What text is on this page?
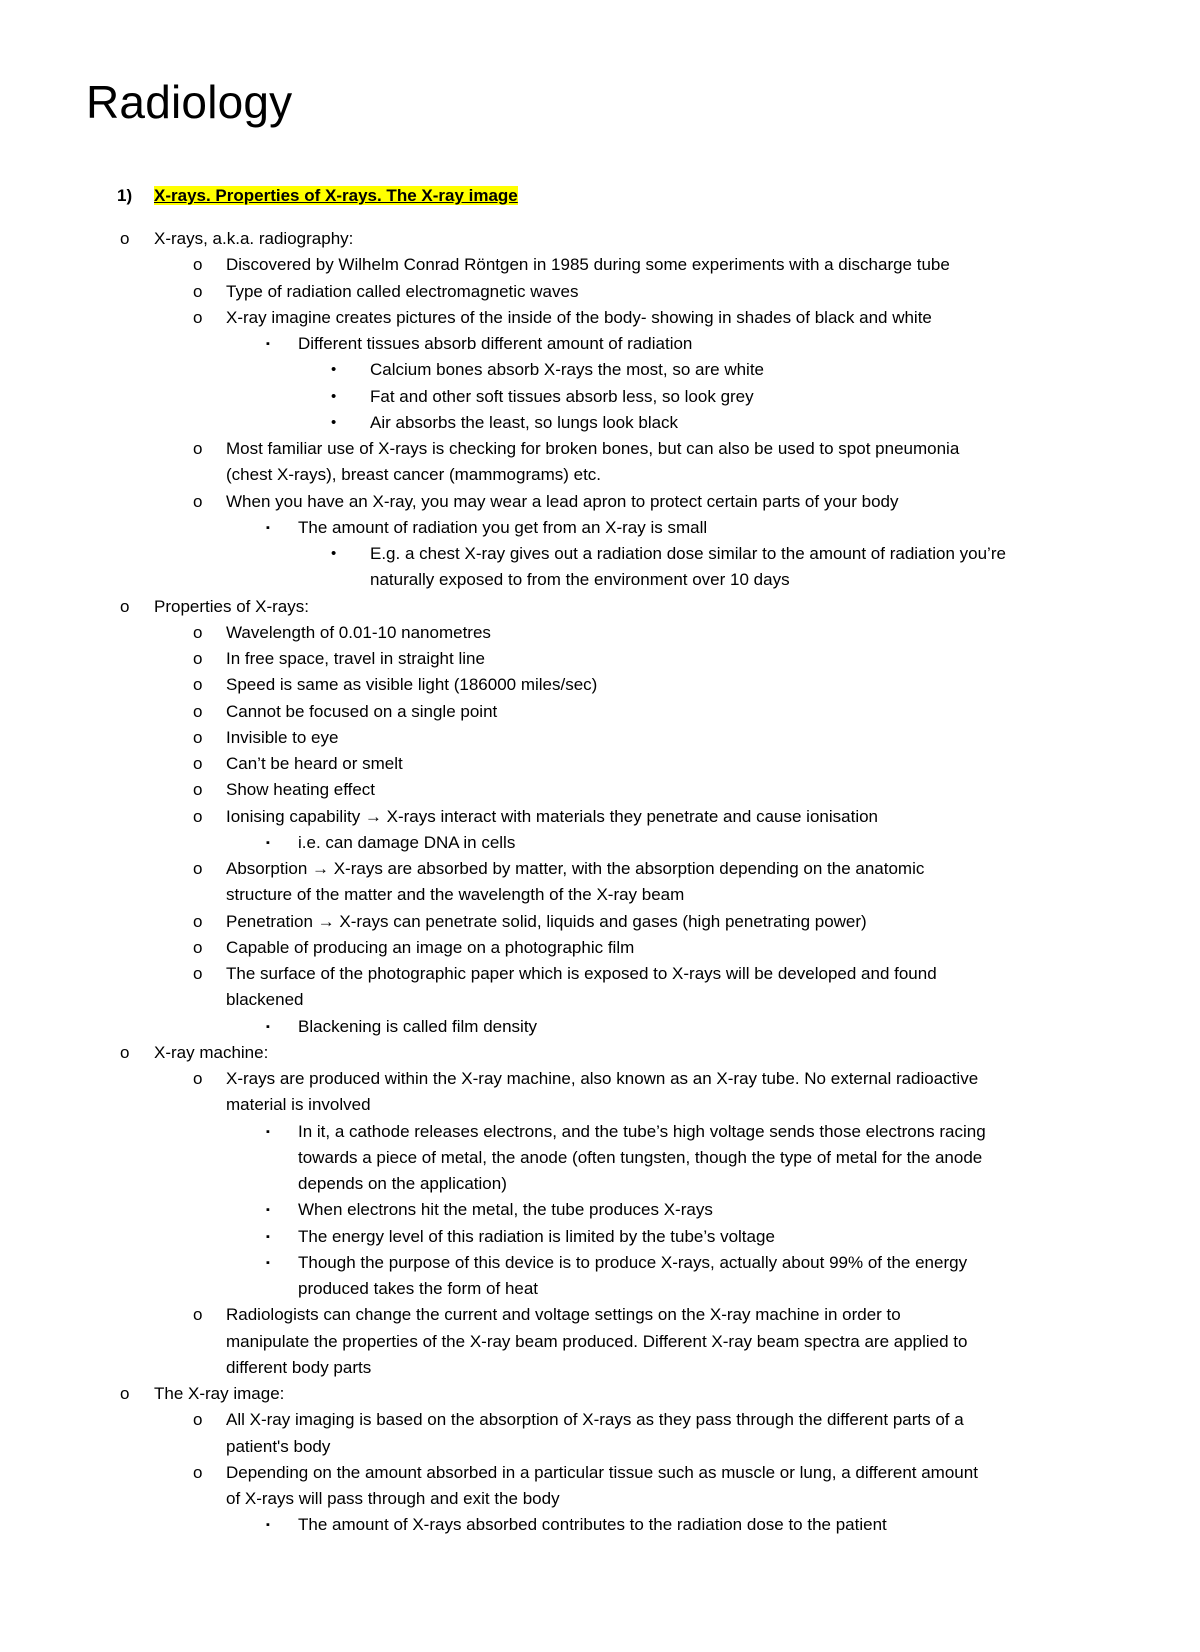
Radiology
1) X-rays. Properties of X-rays. The X-ray image
o X-rays, a.k.a. radiography:
o Discovered by Wilhelm Conrad Röntgen in 1985 during some experiments with a discharge tube
o Type of radiation called electromagnetic waves
o X-ray imagine creates pictures of the inside of the body- showing in shades of black and white
▪ Different tissues absorb different amount of radiation
• Calcium bones absorb X-rays the most, so are white
• Fat and other soft tissues absorb less, so look grey
• Air absorbs the least, so lungs look black
o Most familiar use of X-rays is checking for broken bones, but can also be used to spot pneumonia
(chest X-rays), breast cancer (mammograms) etc.
o When you have an X-ray, you may wear a lead apron to protect certain parts of your body
▪ The amount of radiation you get from an X-ray is small
• E.g. a chest X-ray gives out a radiation dose similar to the amount of radiation you’re
naturally exposed to from the environment over 10 days
o Properties of X-rays:
o Wavelength of 0.01-10 nanometres
o In free space, travel in straight line
o Speed is same as visible light (186000 miles/sec)
o Cannot be focused on a single point
o Invisible to eye
o Can’t be heard or smelt
o Show heating effect
o Ionising capability → X-rays interact with materials they penetrate and cause ionisation
▪ i.e. can damage DNA in cells
o Absorption → X-rays are absorbed by matter, with the absorption depending on the anatomic
structure of the matter and the wavelength of the X-ray beam
o Penetration → X-rays can penetrate solid, liquids and gases (high penetrating power)
o Capable of producing an image on a photographic film
o The surface of the photographic paper which is exposed to X-rays will be developed and found
blackened
▪ Blackening is called film density
o X-ray machine:
o X-rays are produced within the X-ray machine, also known as an X-ray tube. No external radioactive
material is involved
▪ In it, a cathode releases electrons, and the tube’s high voltage sends those electrons racing
towards a piece of metal, the anode (often tungsten, though the type of metal for the anode
depends on the application)
▪ When electrons hit the metal, the tube produces X-rays
▪ The energy level of this radiation is limited by the tube’s voltage
▪ Though the purpose of this device is to produce X-rays, actually about 99% of the energy
produced takes the form of heat
o Radiologists can change the current and voltage settings on the X-ray machine in order to
manipulate the properties of the X-ray beam produced. Different X-ray beam spectra are applied to
different body parts
o The X-ray image:
o All X-ray imaging is based on the absorption of X-rays as they pass through the different parts of a
patient's body
o Depending on the amount absorbed in a particular tissue such as muscle or lung, a different amount
of X-rays will pass through and exit the body
▪ The amount of X-rays absorbed contributes to the radiation dose to the patient
